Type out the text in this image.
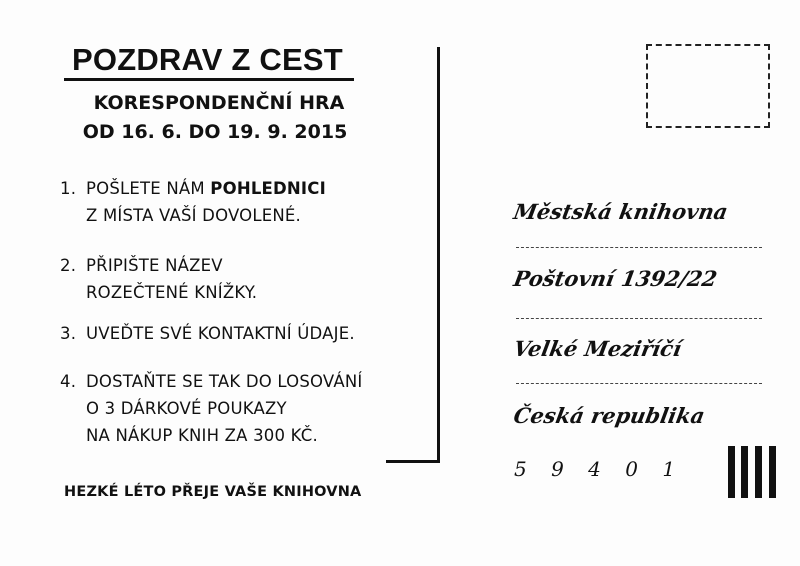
POZDRAV Z CEST
KORESPONDENČNÍ HRA
OD 16. 6. DO 19. 9. 2015
1. POŠLETE NÁM POHLEDNICI
Z MÍSTA VAŠÍ DOVOLENÉ.
2. PŘIPIŠTE NÁZEV
ROZEČTENÉ KNÍŽKY.
3. UVEĎTE SVÉ KONTAKTNÍ ÚDAJE.
4. DOSTAŇTE SE TAK DO LOSOVÁNÍ
O 3 DÁRKOVÉ POUKAZY
NA NÁKUP KNIH ZA 300 KČ.
HEZKÉ LÉTO PŘEJE VAŠE KNIHOVNA
Městská knihovna
Poštovní 1392/22
Velké Meziříčí
Česká republika
5 9 4 0 1
